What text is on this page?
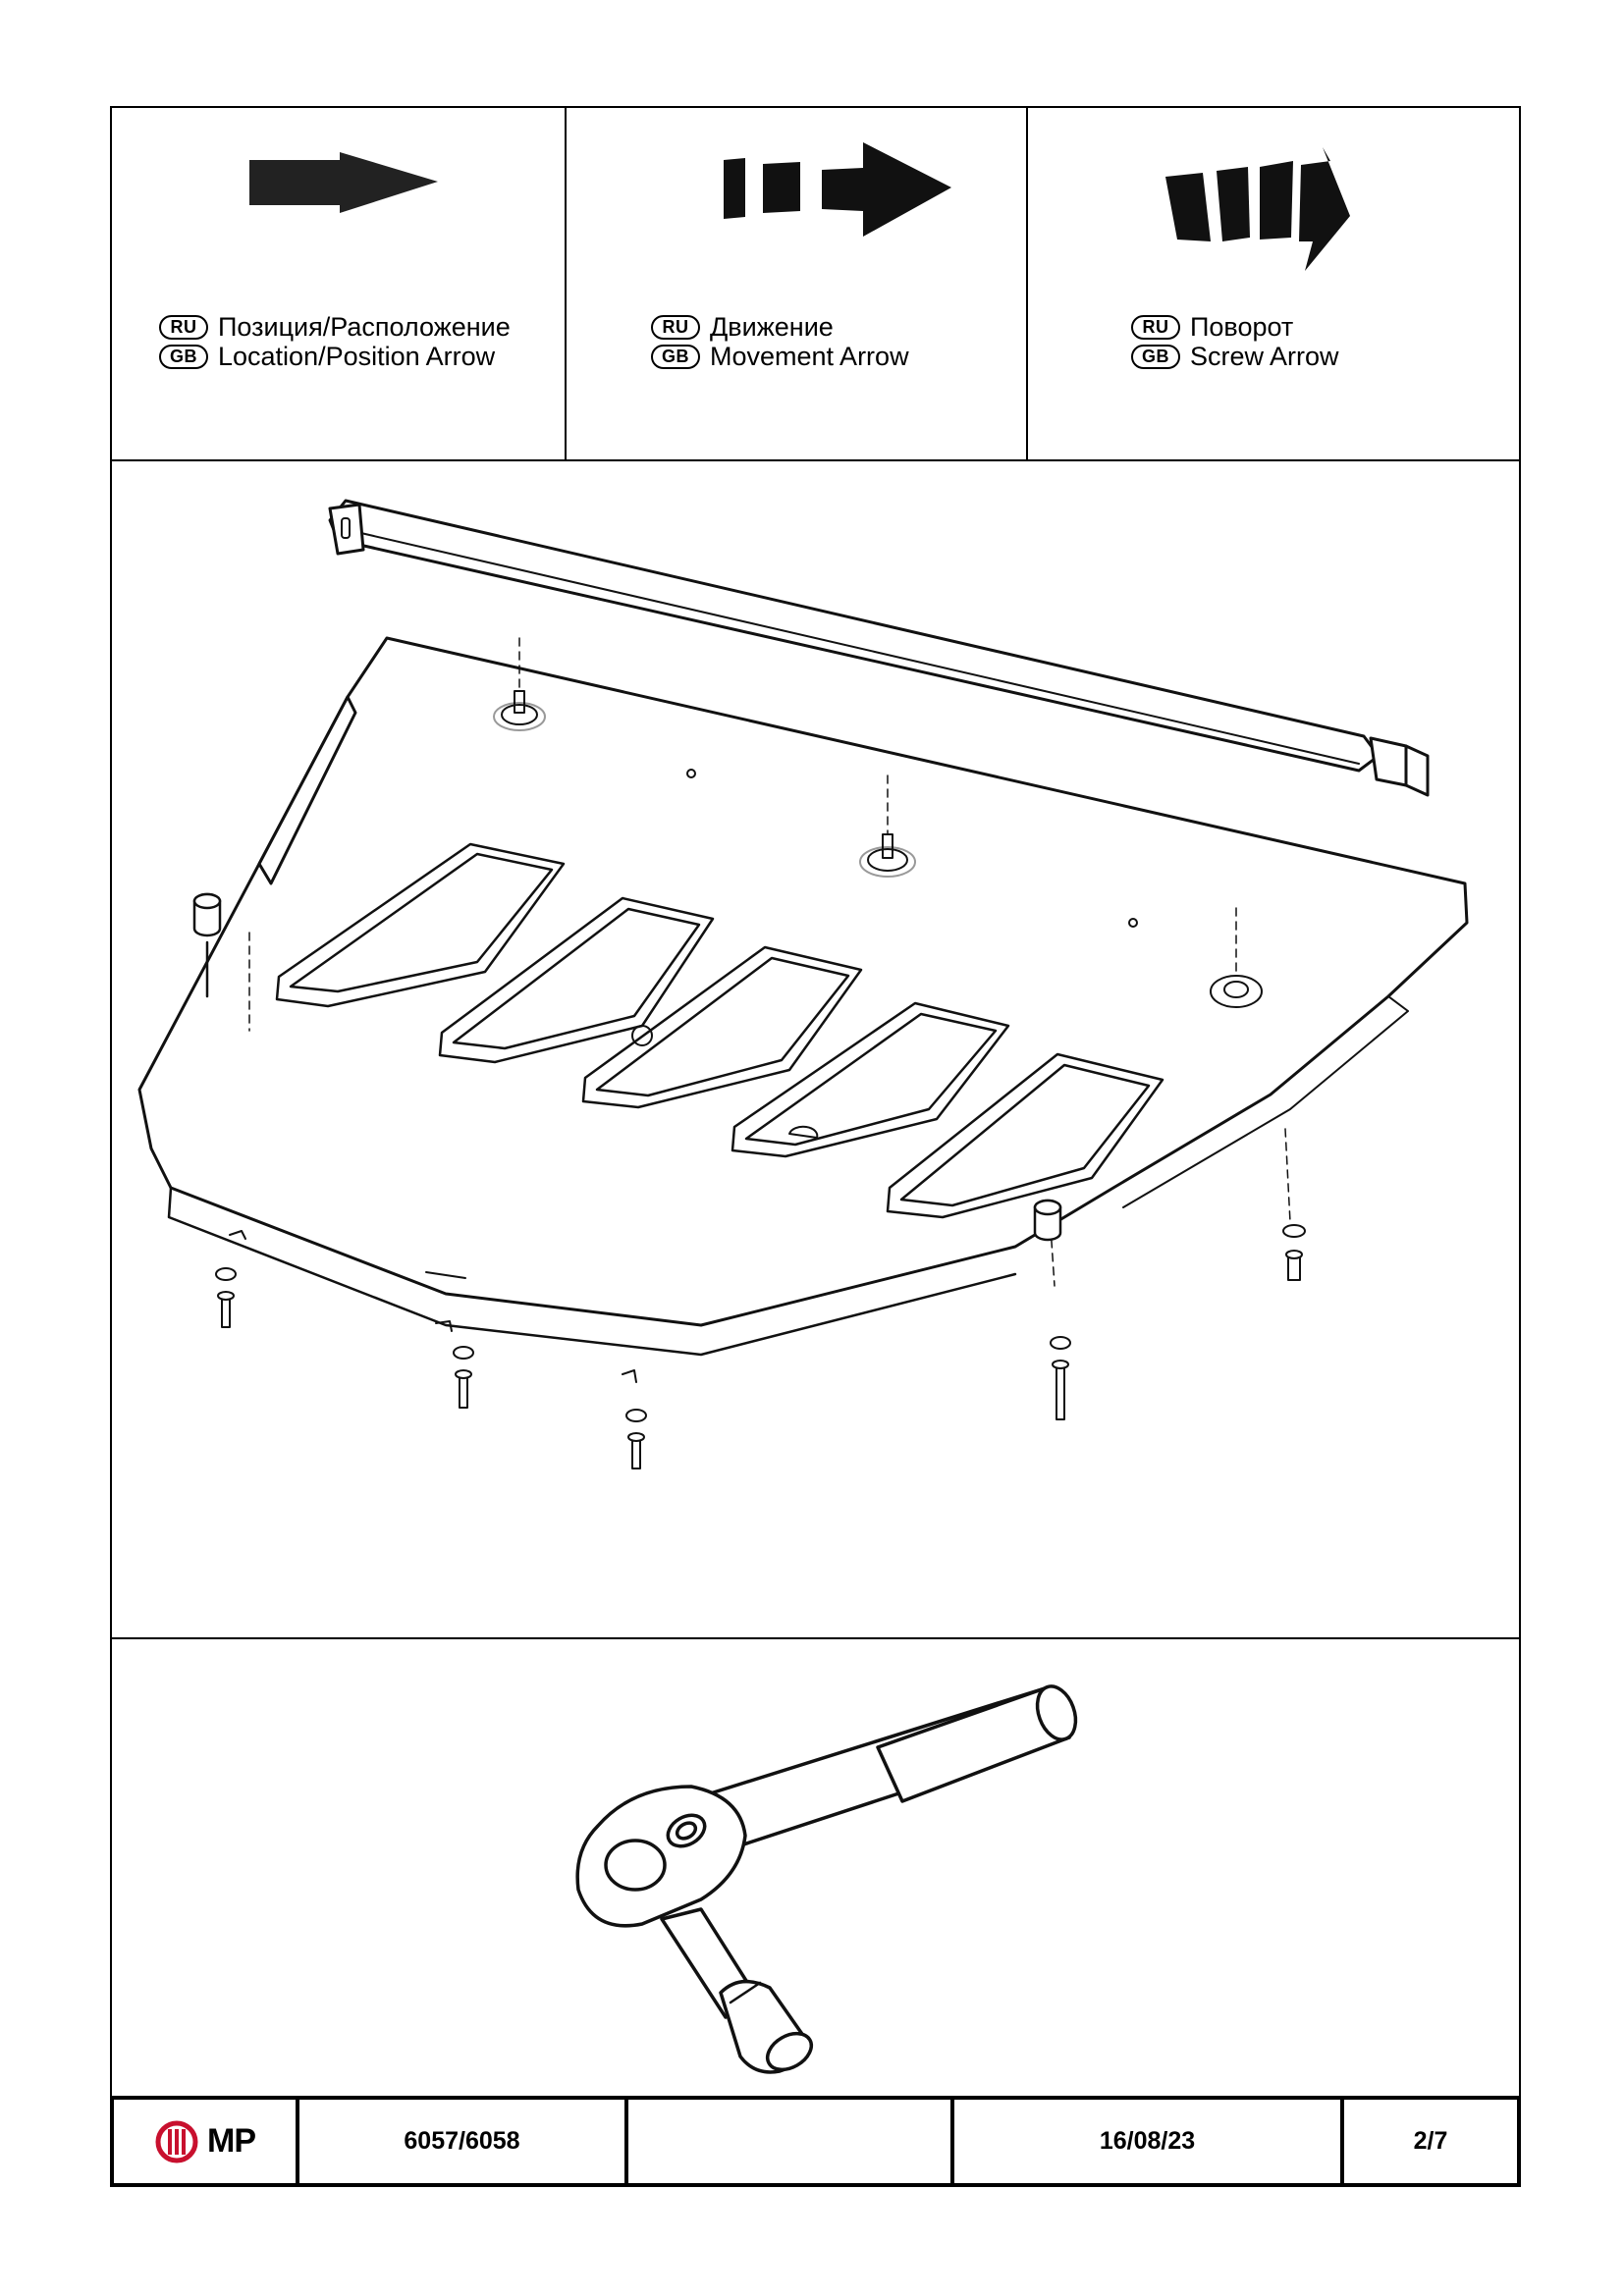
RU Позиция/Расположение
GB Location/Position Arrow
RU Движение
GB Movement Arrow
RU Поворот
GB Screw Arrow
MP	6057/6058	16/08/23	2/7
